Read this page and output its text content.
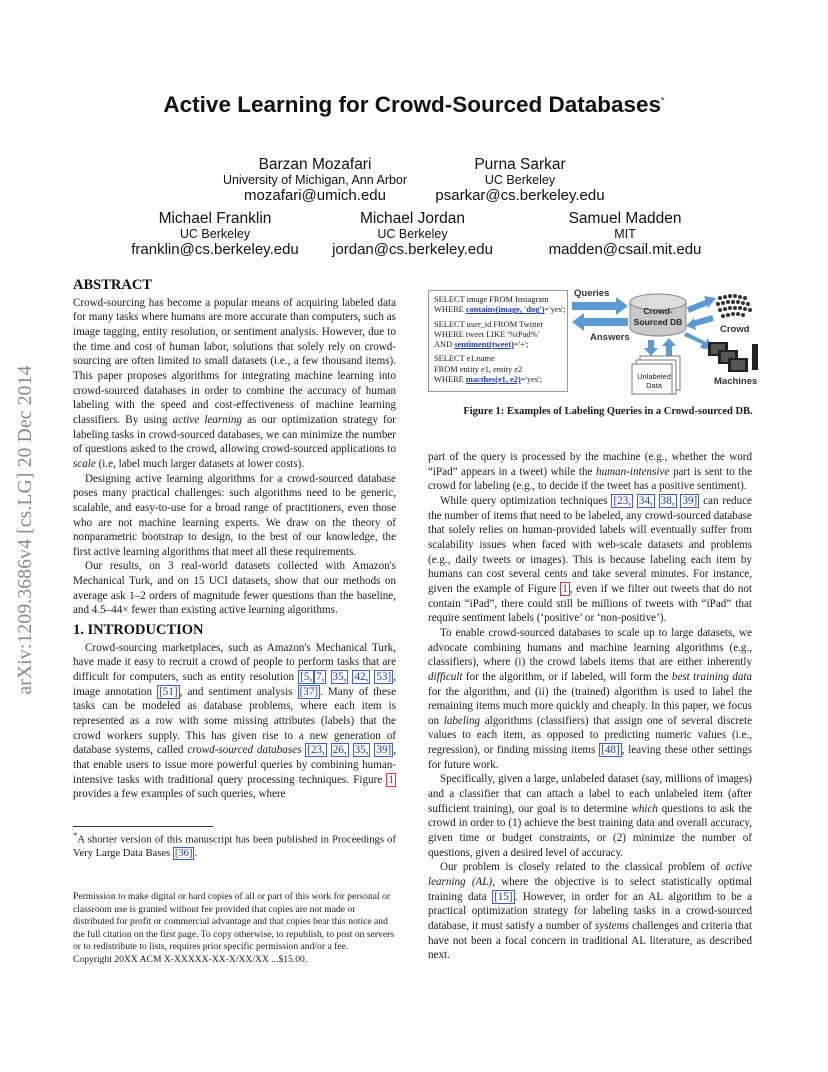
Active Learning for Crowd-Sourced Databases*
Barzan Mozafari
University of Michigan, Ann Arbor
mozafari@umich.edu
Purna Sarkar
UC Berkeley
psarkar@cs.berkeley.edu
Michael Franklin
UC Berkeley
franklin@cs.berkeley.edu
Michael Jordan
UC Berkeley
jordan@cs.berkeley.edu
Samuel Madden
MIT
madden@csail.mit.edu
arXiv:1209.3686v4 [cs.LG] 20 Dec 2014
ABSTRACT

Crowd-sourcing has become a popular means of acquiring labeled data for many tasks where humans are more accurate than computers, such as image tagging, entity resolution, or sentiment analysis. However, due to the time and cost of human labor, solutions that solely rely on crowd-sourcing are often limited to small datasets (i.e., a few thousand items). This paper proposes algorithms for integrating machine learning into crowd-sourced databases in order to combine the accuracy of human labeling with the speed and cost-effectiveness of machine learning classifiers. By using active learning as our optimization strategy for labeling tasks in crowd-sourced databases, we can minimize the number of questions asked to the crowd, allowing crowd-sourced applications to scale (i.e, label much larger datasets at lower costs).

Designing active learning algorithms for a crowd-sourced database poses many practical challenges: such algorithms need to be generic, scalable, and easy-to-use for a broad range of practitioners, even those who are not machine learning experts. We draw on the theory of nonparametric bootstrap to design, to the best of our knowledge, the first active learning algorithms that meet all these requirements.

Our results, on 3 real-world datasets collected with Amazon's Mechanical Turk, and on 15 UCI datasets, show that our methods on average ask 1–2 orders of magnitude fewer questions than the baseline, and 4.5–44× fewer than existing active learning algorithms.

1. INTRODUCTION

Crowd-sourcing marketplaces, such as Amazon's Mechanical Turk, have made it easy to recruit a crowd of people to perform tasks that are difficult for computers, such as entity resolution [5, 7, 35, 42, 53] , image annotation [51] , and sentiment analysis [37] . Many of these tasks can be modeled as database problems, where each item is represented as a row with some missing attributes (labels) that the crowd workers supply. This has given rise to a new generation of database systems, called crowd-sourced databases [23, 26, 35, 39] , that enable users to issue more powerful queries by combining human-intensive tasks with traditional query processing techniques. Figure 1 provides a few examples of such queries, where

*A shorter version of this manuscript has been published in Proceedings of Very Large Data Bases [36] .
Permission to make digital or hard copies of all or part of this work for personal or classroom use is granted without fee provided that copies are not made or distributed for profit or commercial advantage and that copies bear this notice and the full citation on the first page. To copy otherwise, to republish, to post on servers or to redistribute to lists, requires prior specific permission and/or a fee.
Copyright 20XX ACM X-XXXXX-XX-X/XX/XX ...$15.00.
SELECT image FROM Instagram
WHERE contains(image, 'dog')='yes';
SELECT user_id FROM Twitter
WHERE tweet LIKE '%iPad%'
AND sentiment(tweet)='+';
SELECT e1.name
FROM entity e1, entity e2
WHERE macthes(e1, e2)='yes';
Queries
Answers
Crowd-
Sourced DB
Crowd
Unlabeled
Data	Machines
Figure 1: Examples of Labeling Queries in a Crowd-sourced DB.

part of the query is processed by the machine (e.g., whether the word “iPad” appears in a tweet) while the human-intensive part is sent to the crowd for labeling (e.g., to decide if the tweet has a positive sentiment).

While query optimization techniques [23, 34, 38, 39] can reduce the number of items that need to be labeled, any crowd-sourced database that solely relies on human-provided labels will eventually suffer from scalability issues when faced with web-scale datasets and problems (e.g., daily tweets or images). This is because labeling each item by humans can cost several cents and take several minutes. For instance, given the example of Figure 1 , even if we filter out tweets that do not contain “iPad”, there could still be millions of tweets with “iPad” that require sentiment labels (‘positive’ or ‘non-positive’).

To enable crowd-sourced databases to scale up to large datasets, we advocate combining humans and machine learning algorithms (e.g., classifiers), where (i) the crowd labels items that are either inherently difficult for the algorithm, or if labeled, will form the best training data for the algorithm, and (ii) the (trained) algorithm is used to label the remaining items much more quickly and cheaply. In this paper, we focus on labeling algorithms (classifiers) that assign one of several discrete values to each item, as opposed to predicting numeric values (i.e., regression), or finding missing items [48] , leaving these other settings for future work.

Specifically, given a large, unlabeled dataset (say, millions of images) and a classifier that can attach a label to each unlabeled item (after sufficient training), our goal is to determine which questions to ask the crowd in order to (1) achieve the best training data and overall accuracy, given time or budget constraints, or (2) minimize the number of questions, given a desired level of accuracy.

Our problem is closely related to the classical problem of active learning (AL), where the objective is to select statistically optimal training data [15] . However, in order for an AL algorithm to be a practical optimization strategy for labeling tasks in a crowd-sourced database, it must satisfy a number of systems challenges and criteria that have not been a focal concern in traditional AL literature, as described next.
